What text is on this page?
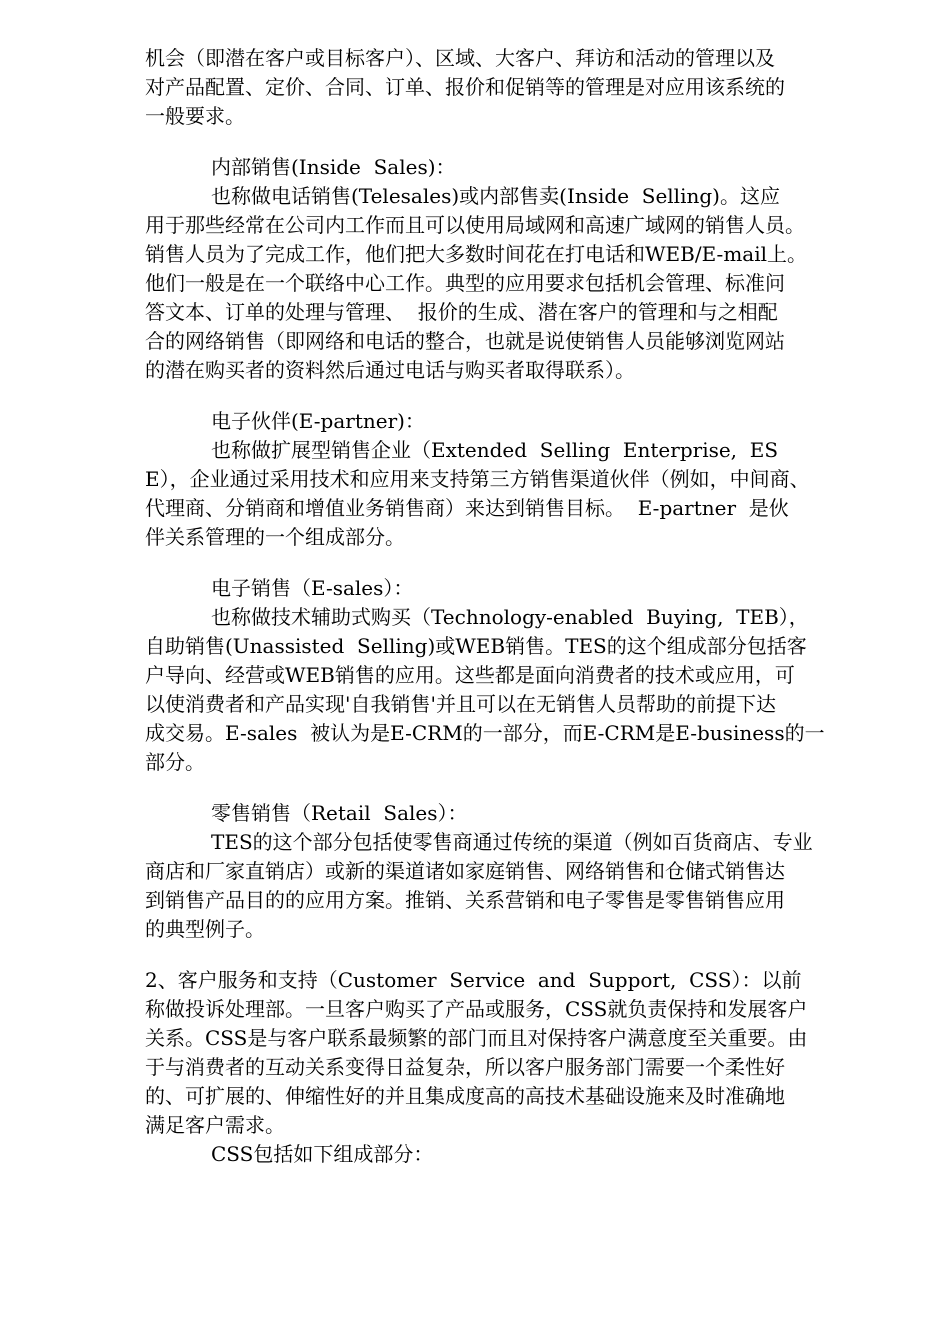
机会（即潜在客户或目标客户）、区域、大客户、拜访和活动的管理以及
对产品配置、定价、合同、订单、报价和促销等的管理是对应用该系统的
一般要求。
内部销售(Inside  Sales)：
也称做电话销售(Telesales)或内部售卖(Inside  Selling)。这应
用于那些经常在公司内工作而且可以使用局域网和高速广域网的销售人员。
销售人员为了完成工作，他们把大多数时间花在打电话和WEB/E-mail上。
他们一般是在一个联络中心工作。典型的应用要求包括机会管理、标准问
答文本、订单的处理与管理、  报价的生成、潜在客户的管理和与之相配
合的网络销售（即网络和电话的整合，也就是说使销售人员能够浏览网站
的潜在购买者的资料然后通过电话与购买者取得联系）。
电子伙伴(E-partner)：
也称做扩展型销售企业（Extended  Selling  Enterprise,  ES
E），企业通过采用技术和应用来支持第三方销售渠道伙伴（例如，中间商、
代理商、分销商和增值业务销售商）来达到销售目标。  E-partner  是伙
伴关系管理的一个组成部分。
电子销售（E-sales）：
也称做技术辅助式购买（Technology-enabled  Buying,  TEB），
自助销售(Unassisted  Selling)或WEB销售。TES的这个组成部分包括客
户导向、经营或WEB销售的应用。这些都是面向消费者的技术或应用，可
以使消费者和产品实现'自我销售'并且可以在无销售人员帮助的前提下达
成交易。E-sales  被认为是E-CRM的一部分，而E-CRM是E-business的一
部分。
零售销售（Retail  Sales）：
TES的这个部分包括使零售商通过传统的渠道（例如百货商店、专业
商店和厂家直销店）或新的渠道诸如家庭销售、网络销售和仓储式销售达
到销售产品目的的应用方案。推销、关系营销和电子零售是零售销售应用
的典型例子。
2、客户服务和支持（Customer  Service  and  Support,  CSS）：以前
称做投诉处理部。一旦客户购买了产品或服务，CSS就负责保持和发展客户
关系。CSS是与客户联系最频繁的部门而且对保持客户满意度至关重要。由
于与消费者的互动关系变得日益复杂，所以客户服务部门需要一个柔性好
的、可扩展的、伸缩性好的并且集成度高的高技术基础设施来及时准确地
满足客户需求。
CSS包括如下组成部分：
